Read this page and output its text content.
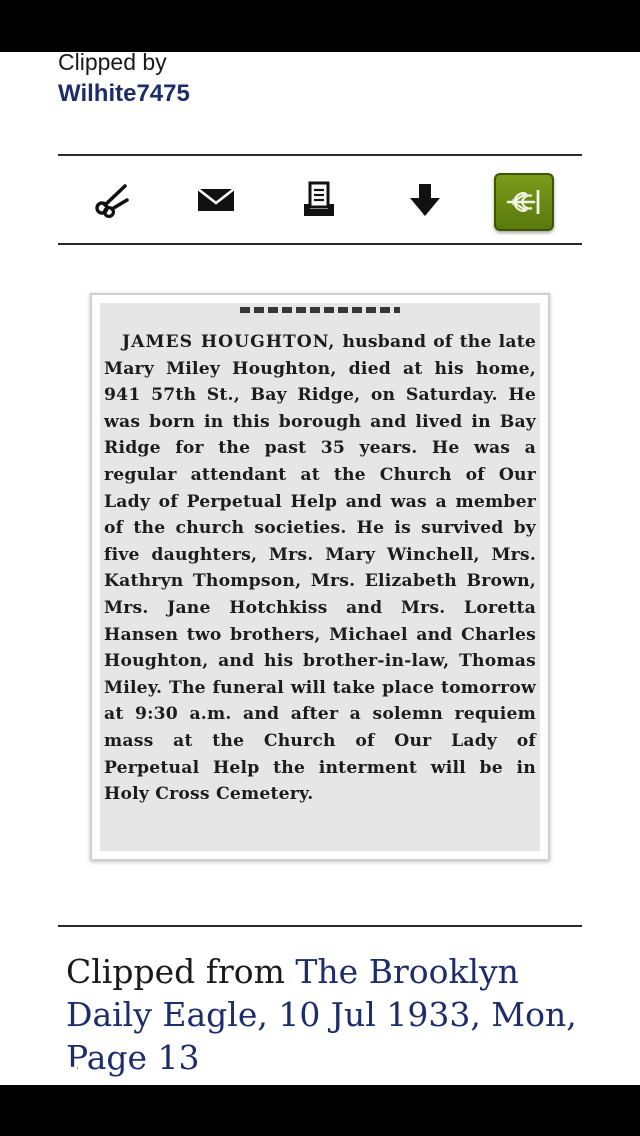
Clipped by
Wilhite7475
JAMES HOUGHTON, husband of the late Mary Miley Houghton, died at his home, 941 57th St., Bay Ridge, on Saturday. He was born in this borough and lived in Bay Ridge for the past 35 years. He was a regular attendant at the Church of Our Lady of Perpetual Help and was a member of the church societies. He is survived by five daughters, Mrs. Mary Winchell, Mrs. Kathryn Thompson, Mrs. Elizabeth Brown, Mrs. Jane Hotchkiss and Mrs. Loretta Hansen two brothers, Michael and Charles Houghton, and his brother-in-law, Thomas Miley. The funeral will take place tomorrow at 9:30 a.m. and after a solemn requiem mass at the Church of Our Lady of Perpetual Help the interment will be in Holy Cross Cemetery.
Clipped from The Brooklyn Daily Eagle, 10 Jul 1933, Mon, Page 13
